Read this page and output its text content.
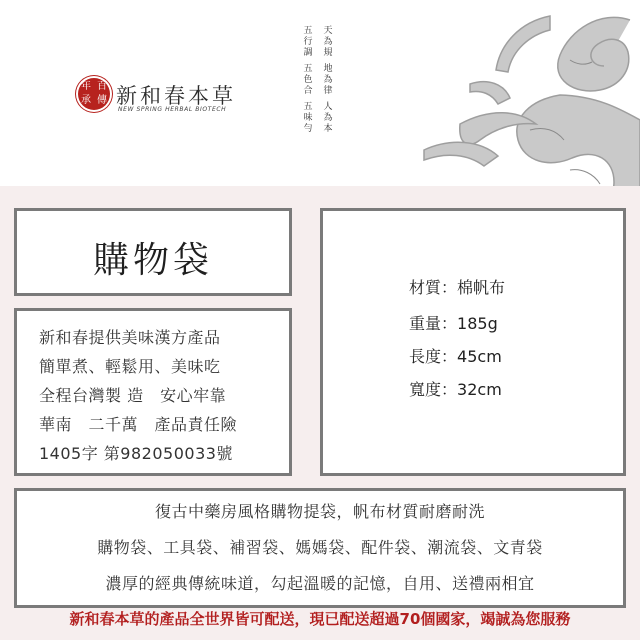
百
年
傳
承 新和春本草
NEW SPRING HERBAL BIOTECH
天為規
地為律
人為本
五行調
五色合
五味勻
購物袋
新和春提供美味漢方產品
簡單煮、輕鬆用、美味吃
全程台灣製 造　安心牢靠
華南　二千萬　產品責任險
1405字 第982050033號
材質：棉帆布
重量：185g
長度：45cm
寬度：32cm
復古中藥房風格購物提袋，帆布材質耐磨耐洗
購物袋、工具袋、補習袋、媽媽袋、配件袋、潮流袋、文青袋
濃厚的經典傳統味道，勾起溫暖的記憶，自用、送禮兩相宜
新和春本草的產品全世界皆可配送，現已配送超過70個國家，竭誠為您服務
